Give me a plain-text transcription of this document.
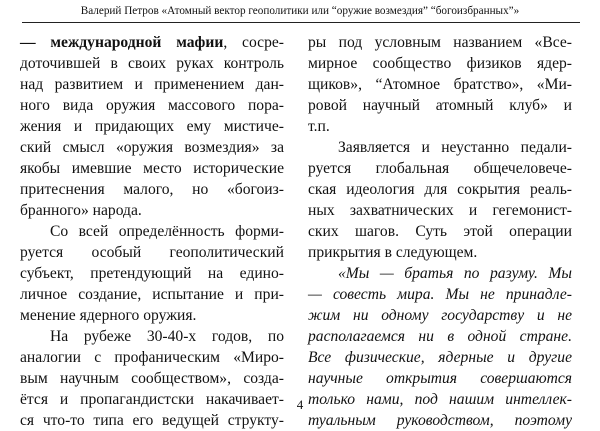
Валерий Петров «Атомный вектор геополитики или “оружие возмездия” “богоизбранных”»

— международной мафии, сосре-
доточившей в своих руках контроль
над развитием и применением дан-
ного вида оружия массового пора-
жения и придающих ему мистиче-
ский смысл «оружия возмездия» за
якобы имевшие место исторические
притеснения малого, но «богоиз-
бранного» народа.

Со всей определённость форми-
руется особый геополитический
субъект, претендующий на едино-
личное создание, испытание и при-
менение ядерного оружия.

На рубеже 30-40-х годов, по
аналогии с профаническим «Миро-
вым научным сообществом», созда-
ётся и пропагандистски накачивает-
ся что-то типа его ведущей структу-

ры под условным названием «Все-
мирное сообщество физиков ядер-
щиков», “Атомное братство», «Ми-
ровой научный атомный клуб» и
т.п.

Заявляется и неустанно педали-
руется глобальная общечеловече-
ская идеология для сокрытия реаль-
ных захватнических и гегемонист-
ских шагов. Суть этой операции
прикрытия в следующем.

«Мы — братья по разуму. Мы
— совесть мира. Мы не принадле-
жим ни одному государству и не
располагаемся ни в одной стране.
Все физические, ядерные и другие
научные открытия совершаются
только нами, под нашим интеллек-
туальным руководством, поэтому

4
